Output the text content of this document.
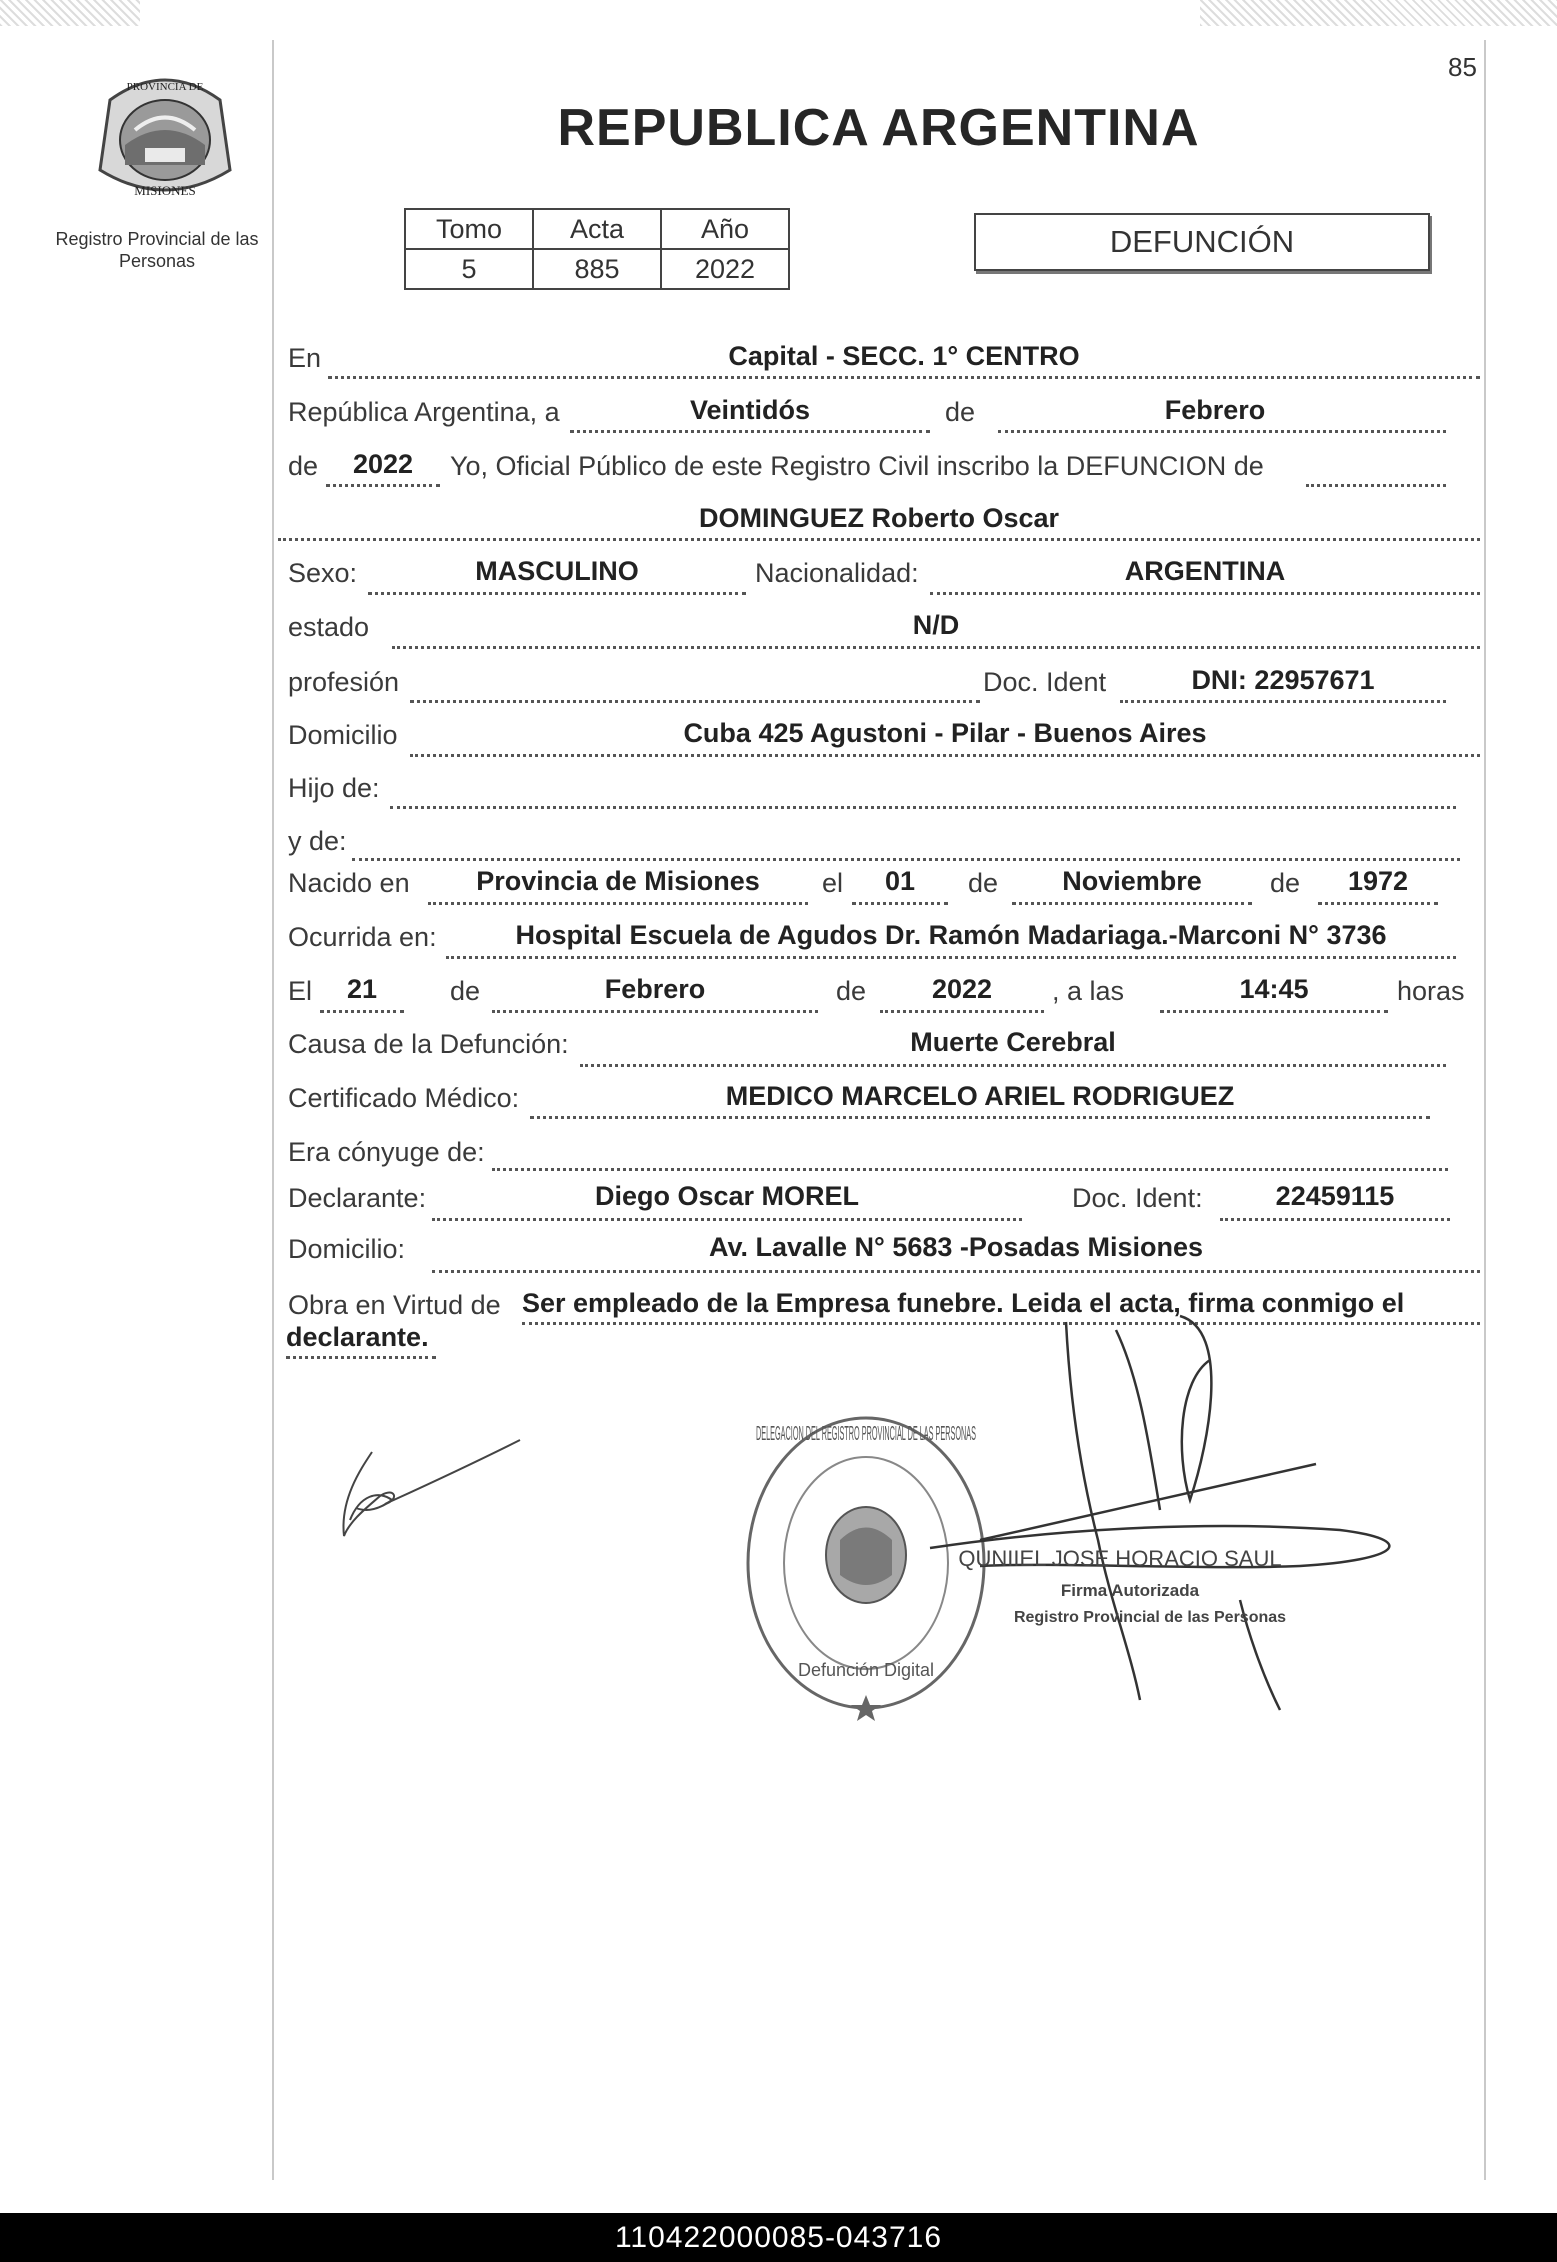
PROVINCIA DE
MISIONES
Registro Provincial de las Personas
85
REPUBLICA ARGENTINA
Tomo	Acta	Año
5	885	2022
DEFUNCIÓN
En	Capital - SECC. 1° CENTRO
República Argentina, a	Veintidós	de	Febrero
de	2022	Yo, Oficial Público de este Registro Civil inscribo la DEFUNCION de
DOMINGUEZ Roberto Oscar
Sexo:	MASCULINO	Nacionalidad:	ARGENTINA
estado	N/D
profesión	Doc. Ident	DNI: 22957671
Domicilio	Cuba 425 Agustoni - Pilar - Buenos Aires
Hijo de:
y de:
Nacido en	Provincia de Misiones	el	01	de	Noviembre	de	1972
Ocurrida en:	Hospital Escuela de Agudos Dr. Ramón Madariaga.-Marconi N° 3736
El	21	de	Febrero	de	2022	, a las	14:45	horas
Causa de la Defunción:	Muerte Cerebral
Certificado Médico:	MEDICO MARCELO ARIEL RODRIGUEZ
Era cónyuge de:
Declarante:	Diego Oscar MOREL	Doc. Ident:	22459115
Domicilio:	Av. Lavalle N° 5683 -Posadas Misiones
Obra en Virtud de Ser empleado de la Empresa funebre. Leida el acta, firma conmigo el
declarante.
DELEGACION DEL REGISTRO PROVINCIAL DE LAS PERSONAS
Defunción Digital
QUNIIEL JOSE HORACIO SAUL
Firma Autorizada
Registro Provincial de las Personas
110422000085-043716
